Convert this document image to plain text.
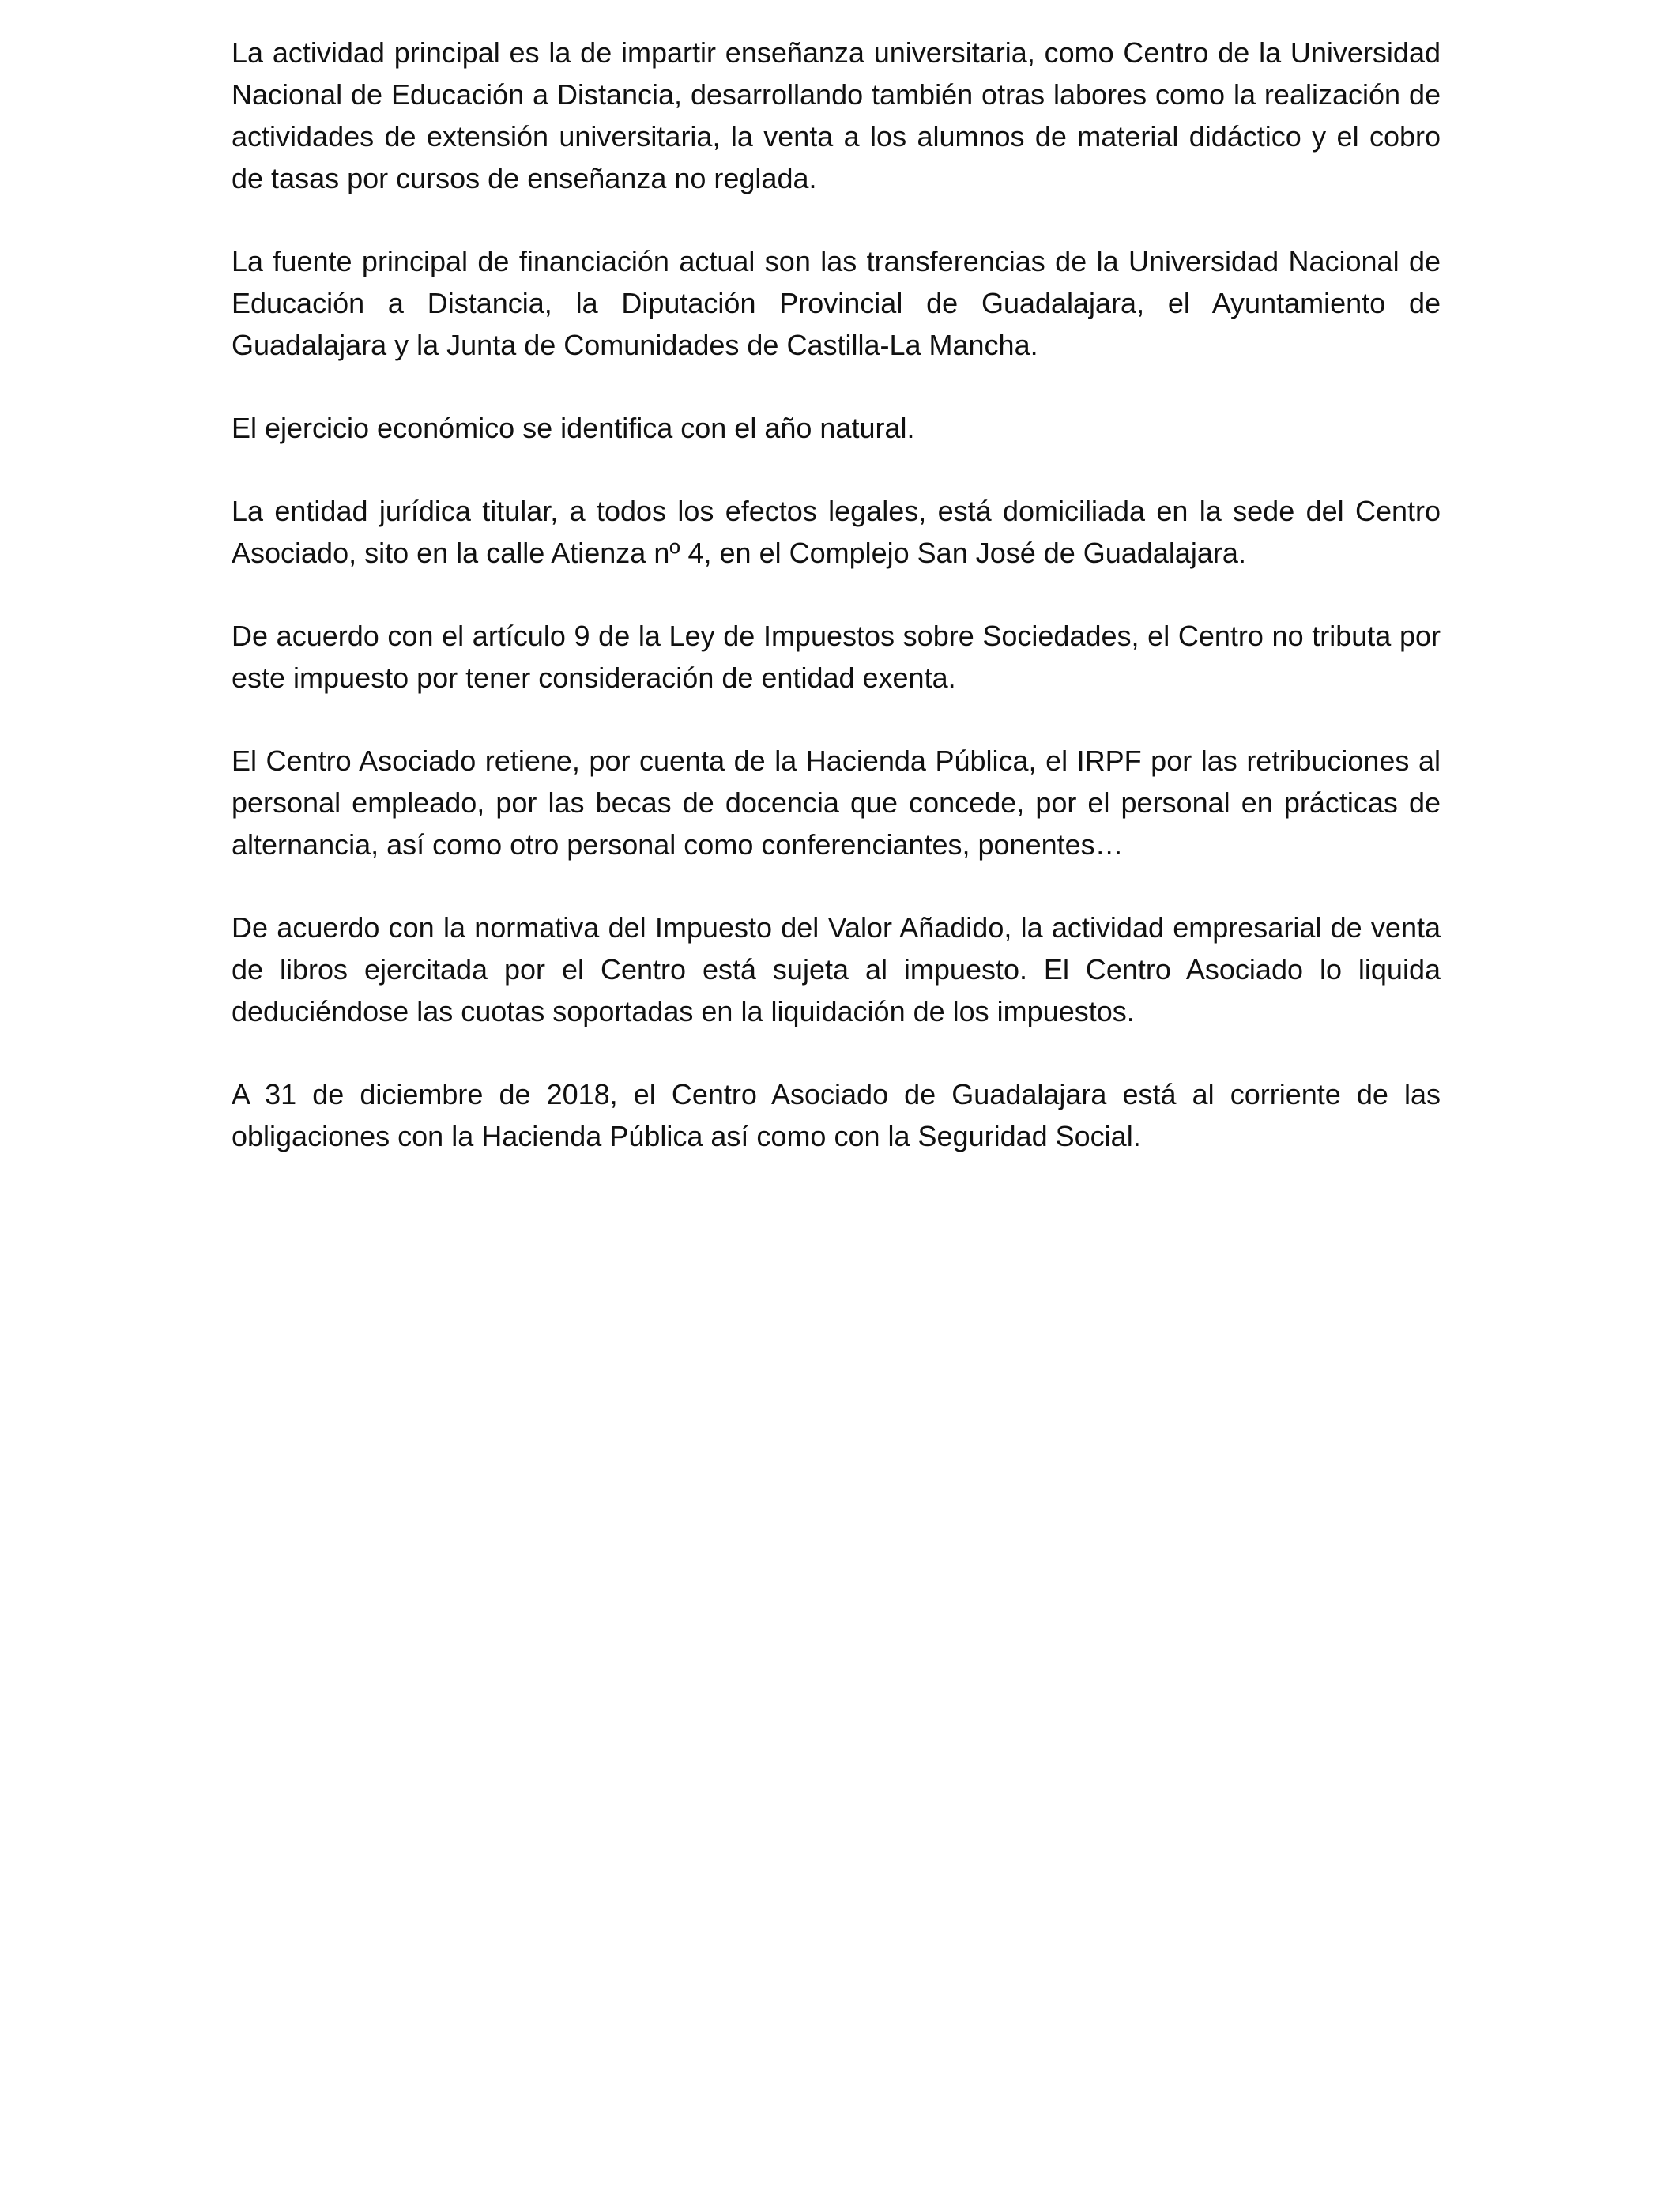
La actividad principal es la de impartir enseñanza universitaria, como Centro de la Universidad Nacional de Educación a Distancia, desarrollando también otras labores como la realización de actividades de extensión universitaria, la venta a los alumnos de material didáctico y el cobro de tasas por cursos de enseñanza no reglada.

La fuente principal de financiación actual son las transferencias de la Universidad Nacional de Educación a Distancia, la Diputación Provincial de Guadalajara, el Ayuntamiento de Guadalajara y la Junta de Comunidades de Castilla-La Mancha.

El ejercicio económico se identifica con el año natural.

La entidad jurídica titular, a todos los efectos legales, está domiciliada en la sede del Centro Asociado, sito en la calle Atienza nº 4, en el Complejo San José de Guadalajara.

De acuerdo con el artículo 9 de la Ley de Impuestos sobre Sociedades, el Centro no tributa por este impuesto por tener consideración de entidad exenta.

El Centro Asociado retiene, por cuenta de la Hacienda Pública, el IRPF por las retribuciones al personal empleado, por las becas de docencia que concede, por el personal en prácticas de alternancia, así como otro personal como conferenciantes, ponentes…

De acuerdo con la normativa del Impuesto del Valor Añadido, la actividad empresarial de venta de libros ejercitada por el Centro está sujeta al impuesto. El Centro Asociado lo liquida deduciéndose las cuotas soportadas en la liquidación de los impuestos.

A 31 de diciembre de 2018, el Centro Asociado de Guadalajara está al corriente de las obligaciones con la Hacienda Pública así como con la Seguridad Social.
